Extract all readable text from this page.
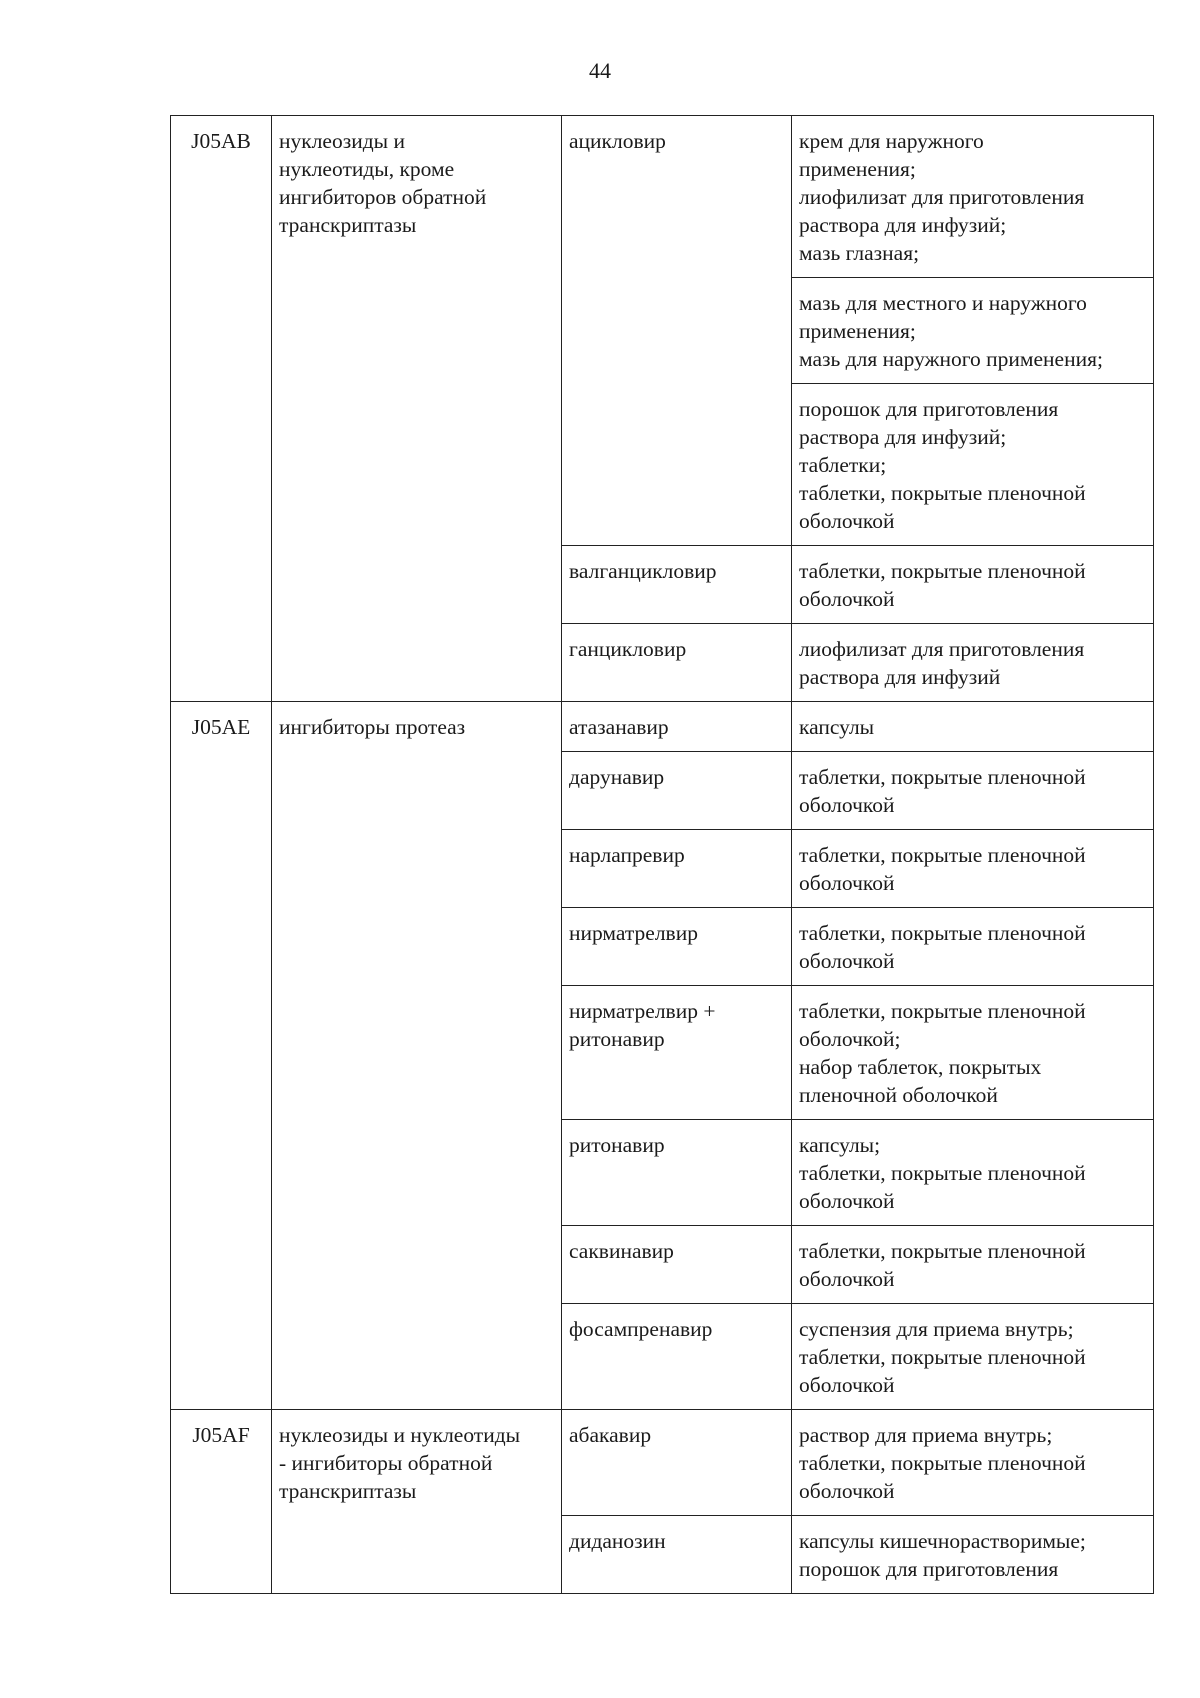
44
J05AB	нуклеозиды и
нуклеотиды, кроме
ингибиторов обратной
транскриптазы	ацикловир	крем для наружного
применения;
лиофилизат для приготовления
раствора для инфузий;
мазь глазная;
			мазь для местного и наружного
применения;
мазь для наружного применения;
			порошок для приготовления
раствора для инфузий;
таблетки;
таблетки, покрытые пленочной
оболочкой
		валганцикловир	таблетки, покрытые пленочной
оболочкой
		ганцикловир	лиофилизат для приготовления
раствора для инфузий
J05AE	ингибиторы протеаз	атазанавир	капсулы
		дарунавир	таблетки, покрытые пленочной
оболочкой
		нарлапревир	таблетки, покрытые пленочной
оболочкой
		нирматрелвир	таблетки, покрытые пленочной
оболочкой
		нирматрелвир +
ритонавир	таблетки, покрытые пленочной
оболочкой;
набор таблеток, покрытых
пленочной оболочкой
		ритонавир	капсулы;
таблетки, покрытые пленочной
оболочкой
		саквинавир	таблетки, покрытые пленочной
оболочкой
		фосампренавир	суспензия для приема внутрь;
таблетки, покрытые пленочной
оболочкой
J05AF	нуклеозиды и нуклеотиды
- ингибиторы обратной
транскриптазы	абакавир	раствор для приема внутрь;
таблетки, покрытые пленочной
оболочкой
		диданозин	капсулы кишечнорастворимые;
порошок для приготовления
